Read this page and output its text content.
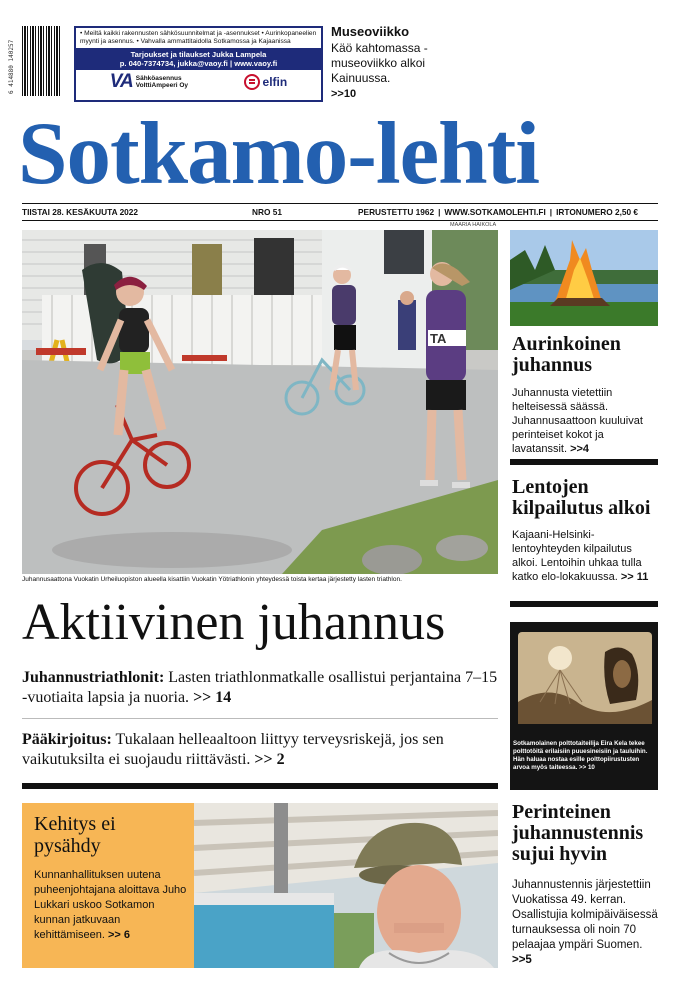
6 414880 140257
• Meiltä kaikki rakennusten sähkösuunnitelmat ja -asennukset • Aurinkopaneelien myynti ja asennus. • Vahvalla ammattitaidolla Sotkamossa ja Kajaanissa
Tarjoukset ja tilaukset Jukka Lampela
p. 040-7374734, jukka@vaoy.fi | www.vaoy.fi
VA Sähköasennus
VolttiAmpeeri Oy	elfin
Museoviikko
Käö kahtomassa -museoviikko alkoi Kainuussa.
>>10
Sotkamo-lehti
TIISTAI 28. KESÄKUUTA 2022	NRO 51	PERUSTETTU 1962 | WWW.SOTKAMOLEHTI.FI | IRTONUMERO 2,50 €
MAARIA HAIKOLA
TA
Juhannusaattona Vuokatin Urheiluopiston alueella kisattiin Vuokatin Yötriathlonin yhteydessä toista kertaa järjestetty lasten triathlon.
Aktiivinen juhannus
Juhannustriathlonit: Lasten triathlonmatkalle osallistui perjantaina 7–15 -vuotiaita lapsia ja nuoria. >> 14
Pääkirjoitus: Tukalaan helleaaltoon liittyy terveysriskejä, jos sen vaikutuksilta ei suojaudu riittävästi. >> 2
Kehitys ei pysähdy
Kunnanhallituksen uutena puheenjohtajana aloittava Juho Lukkari uskoo Sotkamon kunnan jatkuvaan kehittämiseen. >> 6
Aurinkoinen juhannus
Juhannusta vietettiin helteisessä säässä. Juhannusaattoon kuuluivat perinteiset kokot ja lavatanssit. >>4
Lentojen kilpailutus alkoi
Kajaani-Helsinki-lentoyhteyden kilpailutus alkoi. Lentoihin uhkaa tulla katko elo-lokakuussa. >> 11
Sotkamolainen polttotaiteilija Eira Kela tekee polttotöitä erilaisiin puuesineisiin ja tauluihin. Hän haluaa nostaa esille polttopiirustusten arvoa myös taiteessa. >> 10
Perinteinen juhannustennis sujui hyvin
Juhannustennis järjestettiin Vuokatissa 49. kerran. Osallistujia kolmipäiväisessä turnauksessa oli noin 70 pelaajaa ympäri Suomen. >>5
